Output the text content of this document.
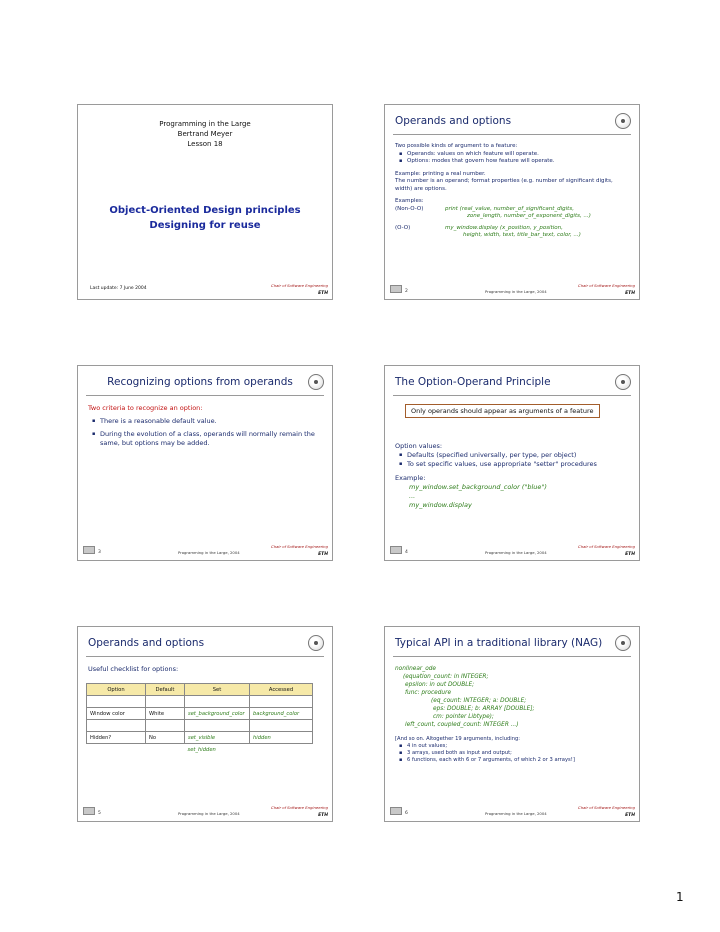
Programming in the Large
Bertrand Meyer
Lesson 18
Object-Oriented Design principles
Designing for reuse
Last update: 7 June 2004
Chair of Software Engineering
ETH
Operands and options
Two possible kinds of argument to a feature:
▪ Operands: values on which feature will operate.
▪ Options: modes that govern how feature will operate.
Example: printing a real number.
The number is an operand; format properties (e.g. number of significant digits, width) are options.
Examples:
(Non-O-O)	print (real_value, number_of_significant_digits,
zone_length, number_of_exponent_digits, ...)
(O-O)	my_window.display (x_position, y_position,
height, width, text, title_bar_text, color, ...)
2	Programming in the Large, 2004
Chair of Software Engineering
ETH
Recognizing options from operands
Two criteria to recognize an option:
▪ There is a reasonable default value.
▪ During the evolution of a class, operands will normally remain the same, but options may be added.
3	Programming in the Large, 2004
Chair of Software Engineering
ETH
The Option-Operand Principle
Only operands should appear as arguments of a feature
Option values:
▪ Defaults (specified universally, per type, per object)
▪ To set specific values, use appropriate "setter" procedures
Example:
my_window.set_background_color ("blue")
...
my_window.display
4	Programming in the Large, 2004
Chair of Software Engineering
ETH
Operands and options
Useful checklist for options:
Option	Default	Set	Accessed

Window color	White	set_background_color	background_color

Hidden?	No	set_visible	hidden
		set_hidden	
5	Programming in the Large, 2004
Chair of Software Engineering
ETH
Typical API in a traditional library (NAG)
nonlinear_ode
(equation_count: in INTEGER;
epsilon: in out DOUBLE;
func: procedure
(eq_count: INTEGER; a: DOUBLE;
eps: DOUBLE; b: ARRAY [DOUBLE];
cm: pointer Libtype);
left_count, coupled_count: INTEGER ...)
[And so on. Altogether 19 arguments, including:
▪ 4 in out values;
▪ 3 arrays, used both as input and output;
▪ 6 functions, each with 6 or 7 arguments, of which 2 or 3 arrays!]
6	Programming in the Large, 2004
Chair of Software Engineering
ETH
1
